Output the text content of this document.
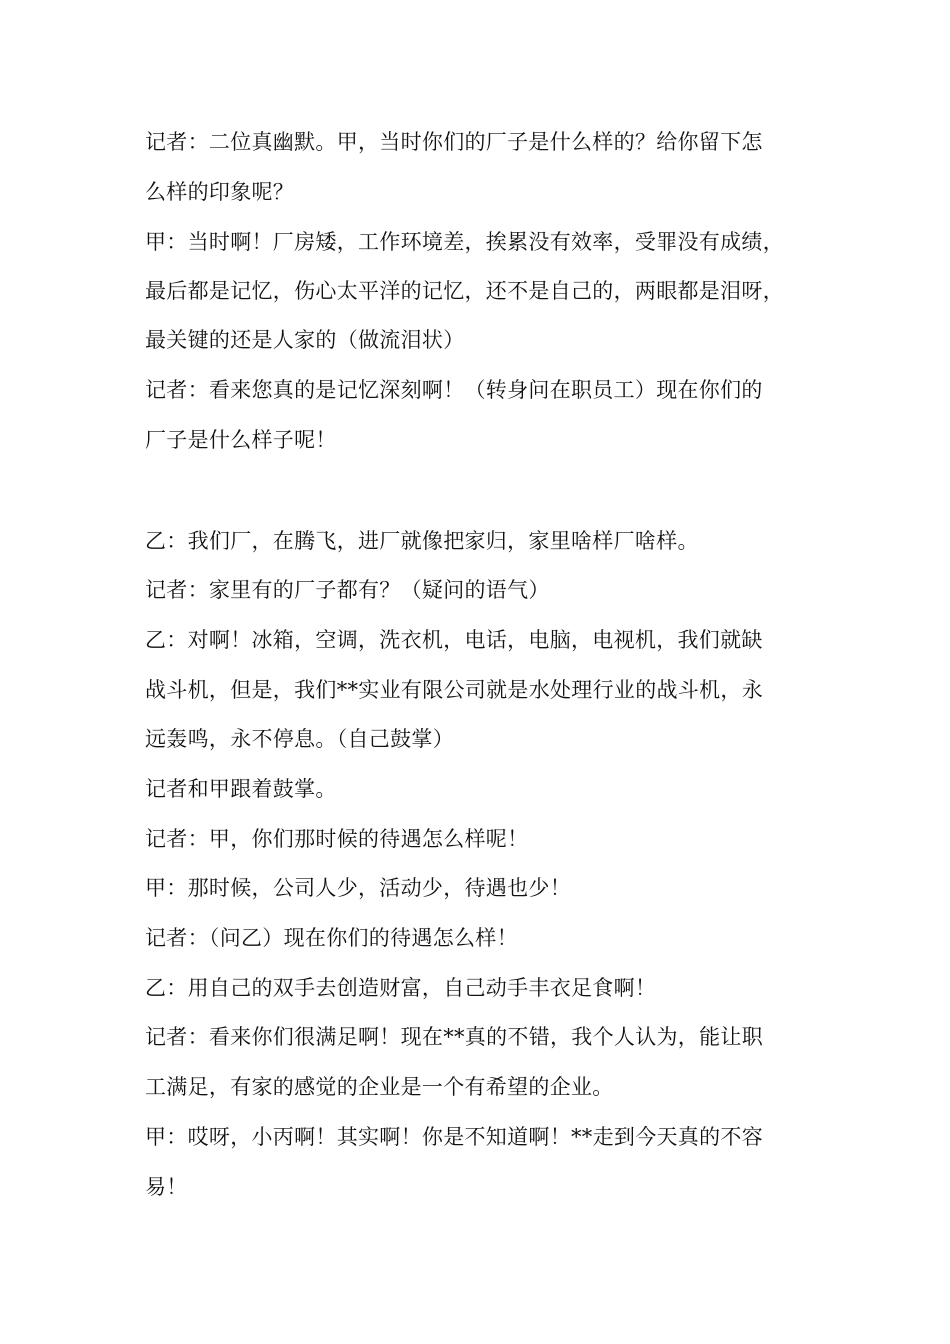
记者：二位真幽默。甲，当时你们的厂子是什么样的？给你留下怎
么样的印象呢？
甲：当时啊！厂房矮，工作环境差，挨累没有效率，受罪没有成绩，
最后都是记忆，伤心太平洋的记忆，还不是自己的，两眼都是泪呀，
最关键的还是人家的（做流泪状）
记者：看来您真的是记忆深刻啊！（转身问在职员工）现在你们的
厂子是什么样子呢！
乙：我们厂，在腾飞，进厂就像把家归，家里啥样厂啥样。
记者：家里有的厂子都有？（疑问的语气）
乙：对啊！冰箱，空调，洗衣机，电话，电脑，电视机，我们就缺
战斗机，但是，我们**实业有限公司就是水处理行业的战斗机，永
远轰鸣，永不停息。（自己鼓掌）
记者和甲跟着鼓掌。
记者：甲，你们那时候的待遇怎么样呢！
甲：那时候，公司人少，活动少，待遇也少！
记者：（问乙）现在你们的待遇怎么样！
乙：用自己的双手去创造财富，自己动手丰衣足食啊！
记者：看来你们很满足啊！现在**真的不错，我个人认为，能让职
工满足，有家的感觉的企业是一个有希望的企业。
甲：哎呀，小丙啊！其实啊！你是不知道啊！**走到今天真的不容
易！
